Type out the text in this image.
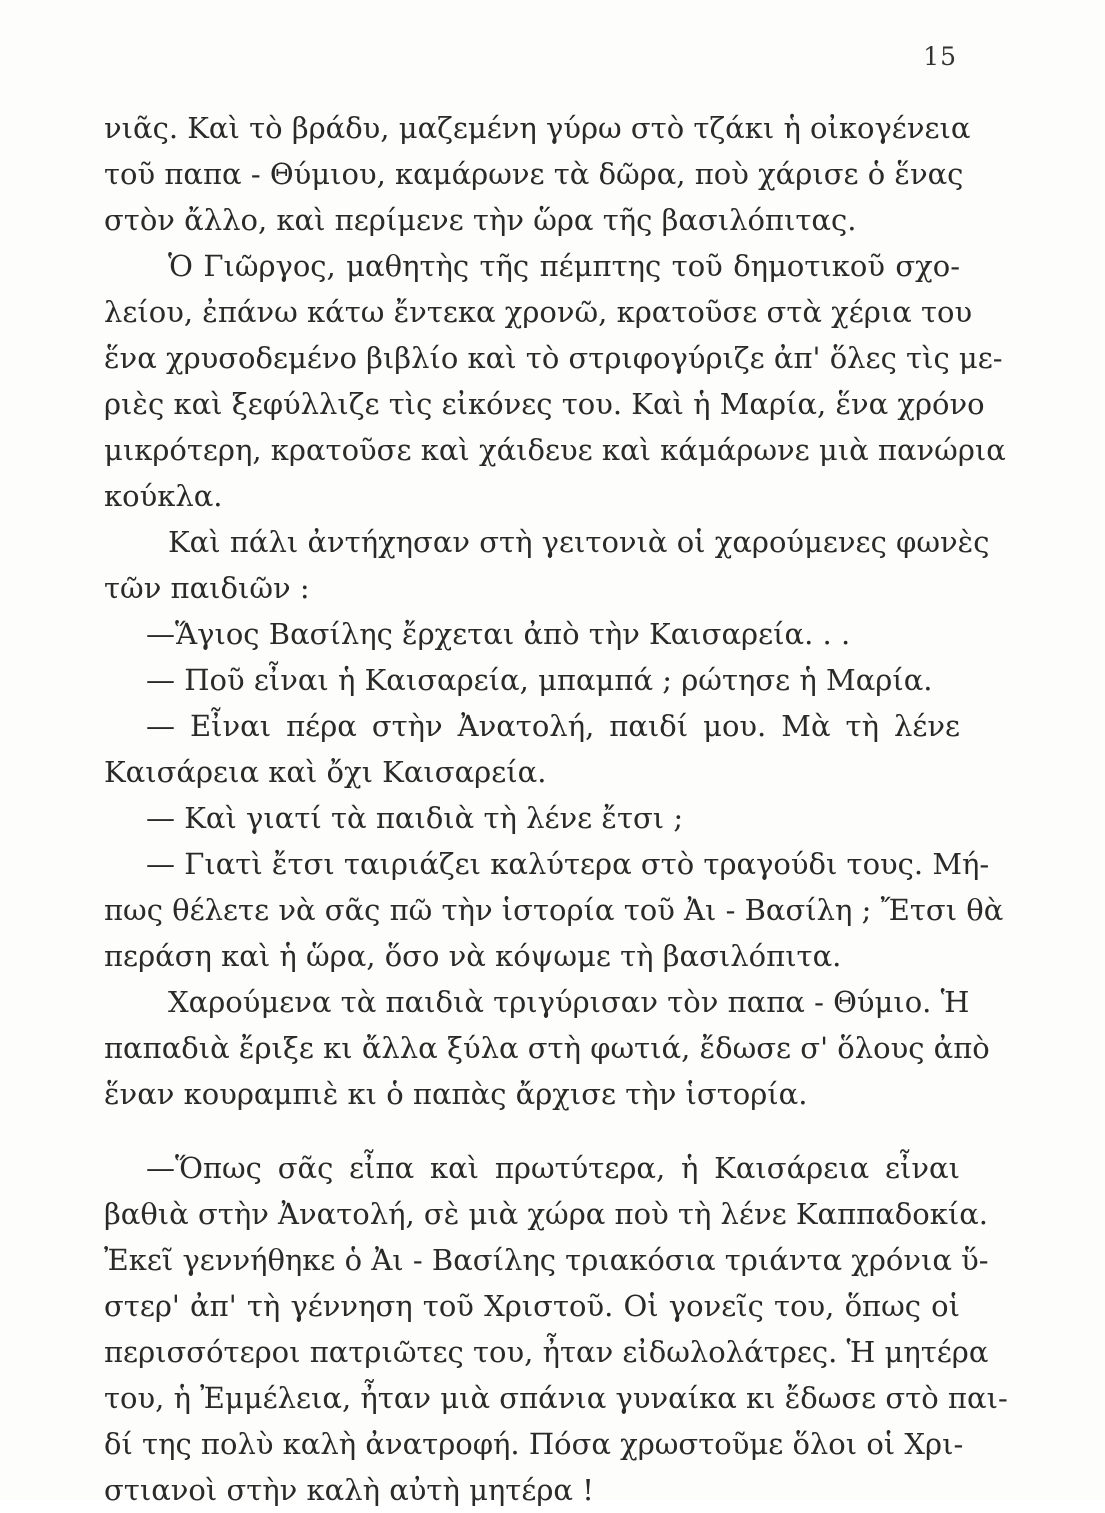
15
νιᾶς. Καὶ τὸ βράδυ, μαζεμένη γύρω στὸ τζάκι ἡ οἰκογένεια
τοῦ παπα - Θύμιου, καμάρωνε τὰ δῶρα, ποὺ χάρισε ὁ ἕνας
στὸν ἄλλο, καὶ περίμενε τὴν ὥρα τῆς βασιλόπιτας.
Ὁ Γιῶργος, μαθητὴς τῆς πέμπτης τοῦ δημοτικοῦ σχο-
λείου, ἐπάνω κάτω ἔντεκα χρονῶ, κρατοῦσε στὰ χέρια του
ἕνα χρυσοδεμένο βιβλίο καὶ τὸ στριφογύριζε ἀπ' ὅλες τὶς με-
ριὲς καὶ ξεφύλλιζε τὶς εἰκόνες του. Καὶ ἡ Μαρία, ἕνα χρόνο
μικρότερη, κρατοῦσε καὶ χάιδευε καὶ κάμάρωνε μιὰ πανώρια
κούκλα.
Καὶ πάλι ἀντήχησαν στὴ γειτονιὰ οἱ χαρούμενες φωνὲς
τῶν παιδιῶν :
—Ἅγιος Βασίλης ἔρχεται ἀπὸ τὴν Καισαρεία. . .
— Ποῦ εἶναι ἡ Καισαρεία, μπαμπά ; ρώτησε ἡ Μαρία.
— Εἶναι πέρα στὴν Ἀνατολή, παιδί μου. Μὰ τὴ λένε
Καισάρεια καὶ ὄχι Καισαρεία.
— Καὶ γιατί τὰ παιδιὰ τὴ λένε ἔτσι ;
— Γιατὶ ἔτσι ταιριάζει καλύτερα στὸ τραγούδι τους. Μή-
πως θέλετε νὰ σᾶς πῶ τὴν ἱστορία τοῦ Ἀι - Βασίλη ; Ἔτσι θὰ
περάση καὶ ἡ ὥρα, ὅσο νὰ κόψωμε τὴ βασιλόπιτα.
Χαρούμενα τὰ παιδιὰ τριγύρισαν τὸν παπα - Θύμιο. Ἡ
παπαδιὰ ἔριξε κι ἄλλα ξύλα στὴ φωτιά, ἔδωσε σ' ὅλους ἀπὸ
ἕναν κουραμπιὲ κι ὁ παπὰς ἄρχισε τὴν ἱστορία.
—Ὅπως σᾶς εἶπα καὶ πρωτύτερα, ἡ Καισάρεια εἶναι
βαθιὰ στὴν Ἀνατολή, σὲ μιὰ χώρα ποὺ τὴ λένε Καππαδοκία.
Ἐκεῖ γεννήθηκε ὁ Ἀι - Βασίλης τριακόσια τριάντα χρόνια ὕ-
στερ' ἀπ' τὴ γέννηση τοῦ Χριστοῦ. Οἱ γονεῖς του, ὅπως οἱ
περισσότεροι πατριῶτες του, ἦταν εἰδωλολάτρες. Ἡ μητέρα
του, ἡ Ἐμμέλεια, ἦταν μιὰ σπάνια γυναίκα κι ἔδωσε στὸ παι-
δί της πολὺ καλὴ ἀνατροφή. Πόσα χρωστοῦμε ὅλοι οἱ Χρι-
στιανοὶ στὴν καλὴ αὐτὴ μητέρα !
